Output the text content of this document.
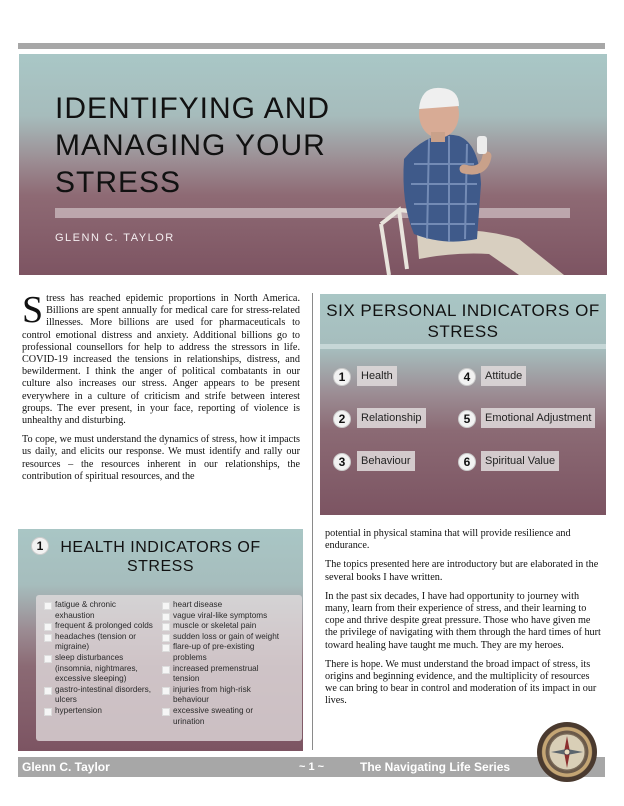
IDENTIFYING AND MANAGING YOUR STRESS
GLENN C. TAYLOR

Stress has reached epidemic proportions in North America. Billions are spent annually for medical care for stress-related illnesses. More billions are used for pharmaceuticals to control emotional distress and anxiety. Additional billions go to professional counsellors for help to address the stressors in life. COVID-19 increased the tensions in relationships, distress, and bewilderment. I think the anger of political combatants in our culture also increases our stress. Anger appears to be present everywhere in a culture of criticism and strife between interest groups. The ever present, in your face, reporting of violence is unhealthy and disturbing.

To cope, we must understand the dynamics of stress, how it impacts us daily, and elicits our response. We must identify and rally our resources – the resources inherent in our relationships, the contribution of spiritual resources, and the

SIX PERSONAL INDICATORS OF STRESS
1	Health
2	Relationship
3	Behaviour
4	Attitude
5	Emotional Adjustment
6	Spiritual Value
1	HEALTH INDICATORS OF STRESS
fatigue & chronic exhaustion
frequent & prolonged colds
headaches (tension or migraine)
sleep disturbances (insomnia, nightmares, excessive sleeping)
gastro-intestinal disorders, ulcers
hypertension
heart disease
vague viral-like symptoms
muscle or skeletal pain
sudden loss or gain of weight
flare-up of pre-existing problems
increased premenstrual tension
injuries from high-risk behaviour
excessive sweating or urination

potential in physical stamina that will provide resilience and endurance.

The topics presented here are introductory but are elaborated in the several books I have written.

In the past six decades, I have had opportunity to journey with many, learn from their experience of stress, and their learning to cope and thrive despite great pressure. Those who have given me the privilege of navigating with them through the hard times of hurt toward healing have taught me much. They are my heroes.

There is hope. We must understand the broad impact of stress, its origins and beginning evidence, and the multiplicity of resources we can bring to bear in control and moderation of its impact in our lives.

Glenn C. Taylor	~ 1 ~	The Navigating Life Series
